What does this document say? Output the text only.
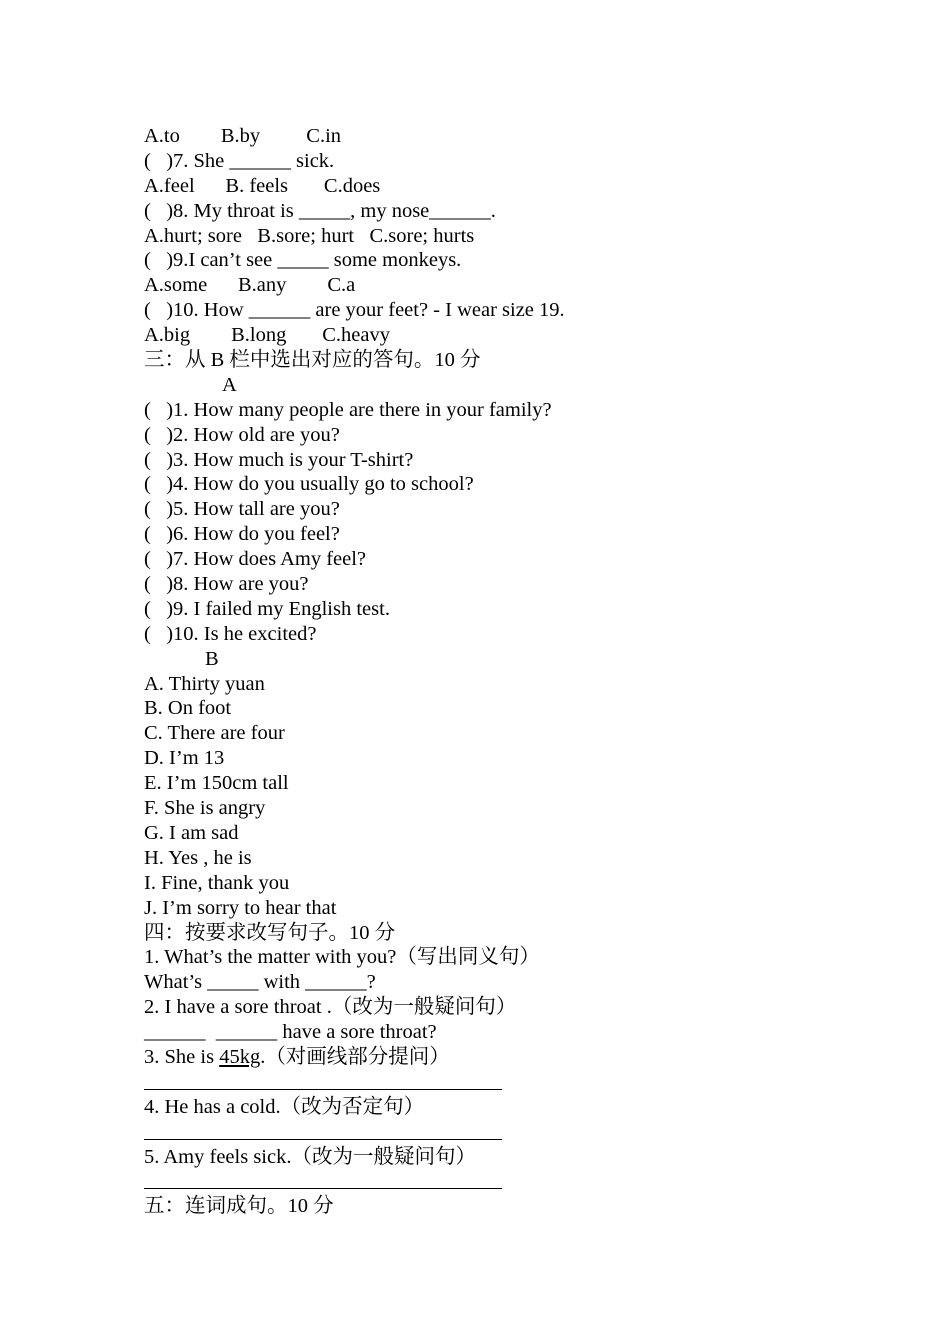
A.to        B.by         C.in
(   )7. She ______ sick.
A.feel      B. feels       C.does
(   )8. My throat is _____, my nose______.
A.hurt; sore   B.sore; hurt   C.sore; hurts
(   )9.I can’t see _____ some monkeys.
A.some      B.any        C.a
(   )10. How ______ are your feet? - I wear size 19.
A.big        B.long       C.heavy
三：从 B 栏中选出对应的答句。10 分
A
(   )1. How many people are there in your family?
(   )2. How old are you?
(   )3. How much is your T-shirt?
(   )4. How do you usually go to school?
(   )5. How tall are you?
(   )6. How do you feel?
(   )7. How does Amy feel?
(   )8. How are you?
(   )9. I failed my English test.
(   )10. Is he excited?
B
A. Thirty yuan
B. On foot
C. There are four
D. I’m 13
E. I’m 150cm tall
F. She is angry
G. I am sad
H. Yes , he is
I. Fine, thank you
J. I’m sorry to hear that
四：按要求改写句子。10 分
1. What’s the matter with you?（写出同义句）
What’s _____ with ______?
2. I have a sore throat .（改为一般疑问句）
______  ______ have a sore throat?
3. She is 45kg.（对画线部分提问）
4. He has a cold.（改为否定句）
5. Amy feels sick.（改为一般疑问句）
五：连词成句。10 分
